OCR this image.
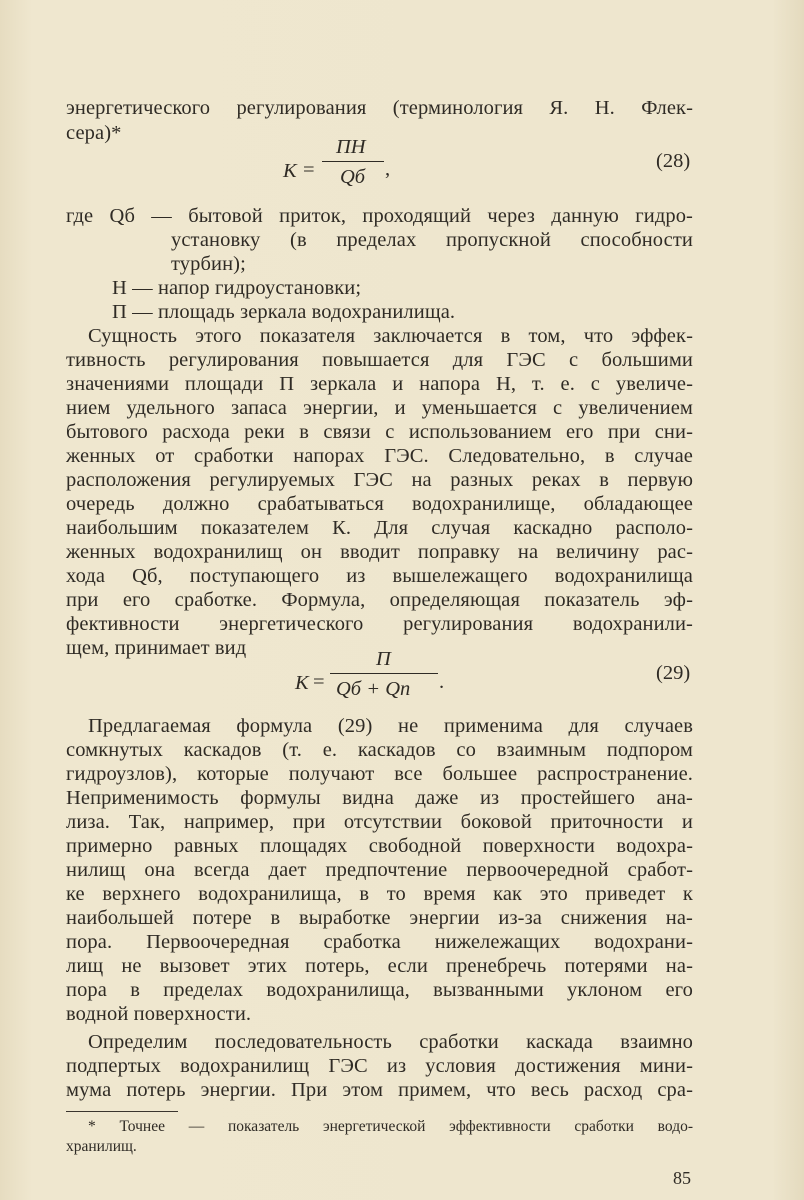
энергетического регулирования (терминология Я. Н. Флек-
сера)*
К =
ПН
Qб ,	(28)
где Qб — бытовой приток, проходящий через данную гидро-
установку (в пределах пропускной способности
турбин);
H — напор гидроустановки;
П — площадь зеркала водохранилища.
Сущность этого показателя заключается в том, что эффек-
тивность регулирования повышается для ГЭС с большими
значениями площади П зеркала и напора H, т. е. с увеличе-
нием удельного запаса энергии, и уменьшается с увеличением
бытового расхода реки в связи с использованием его при сни-
женных от сработки напорах ГЭС. Следовательно, в случае
расположения регулируемых ГЭС на разных реках в первую
очередь должно срабатываться водохранилище, обладающее
наибольшим показателем К. Для случая каскадно располо-
женных водохранилищ он вводит поправку на величину рас-
хода Qб, поступающего из вышележащего водохранилища
при его сработке. Формула, определяющая показатель эф-
фективности энергетического регулирования водохранили-
щем, принимает вид
К =
П
Qб + Qп .	(29)
Предлагаемая формула (29) не применима для случаев
сомкнутых каскадов (т. е. каскадов со взаимным подпором
гидроузлов), которые получают все большее распространение.
Неприменимость формулы видна даже из простейшего ана-
лиза. Так, например, при отсутствии боковой приточности и
примерно равных площадях свободной поверхности водохра-
нилищ она всегда дает предпочтение первоочередной сработ-
ке верхнего водохранилища, в то время как это приведет к
наибольшей потере в выработке энергии из-за снижения на-
пора. Первоочередная сработка нижележащих водохрани-
лищ не вызовет этих потерь, если пренебречь потерями на-
пора в пределах водохранилища, вызванными уклоном его
водной поверхности.
Определим последовательность сработки каскада взаимно
подпертых водохранилищ ГЭС из условия достижения мини-
мума потерь энергии. При этом примем, что весь расход сра-
* Точнее — показатель энергетической эффективности сработки водо-
хранилищ.
85
